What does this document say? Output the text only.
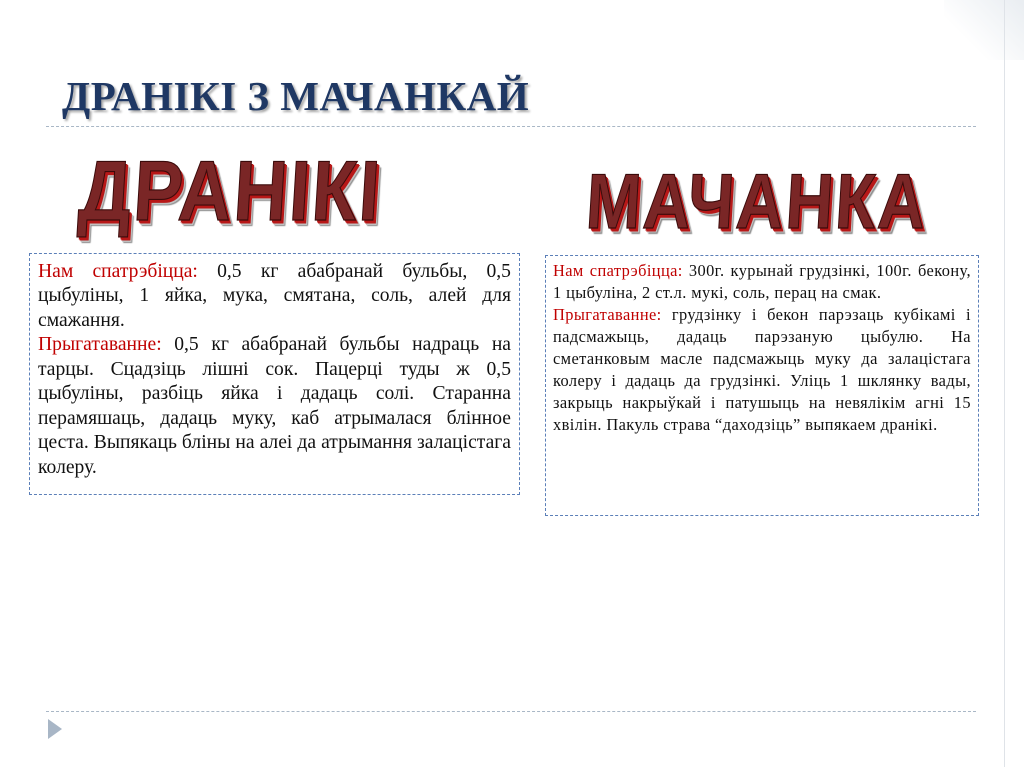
ДРАНІКІ З МАЧАНКАЙ
ДРАНІКІ	МАЧАНКА

Нам спатрэбіцца: 0,5 кг абабранай бульбы, 0,5 цыбуліны, 1 яйка, мука, смятана, соль, алей для смажання.

Прыгатаванне: 0,5 кг абабранай бульбы надраць на тарцы. Сцадзіць лішні сок. Пацерці туды ж 0,5 цыбуліны, разбіць яйка і дадаць солі. Старанна перамяшаць, дадаць муку, каб атрымалася блінное цеста. Выпякаць бліны на алеі да атрымання залацістага колеру.

Нам спатрэбіцца: 300г. курынай грудзінкі, 100г. бекону, 1 цыбуліна, 2 ст.л. мукі, соль, перац на смак.

Прыгатаванне: грудзінку і бекон парэзаць кубікамі і падсмажыць, дадаць парэзаную цыбулю. На сметанковым масле падсмажыць муку да залацістага колеру і дадаць да грудзінкі. Уліць 1 шклянку вады, закрыць накрыўкай і патушыць на невялікім агні 15 хвілін. Пакуль страва “даходзіць” выпякаем дранікі.
